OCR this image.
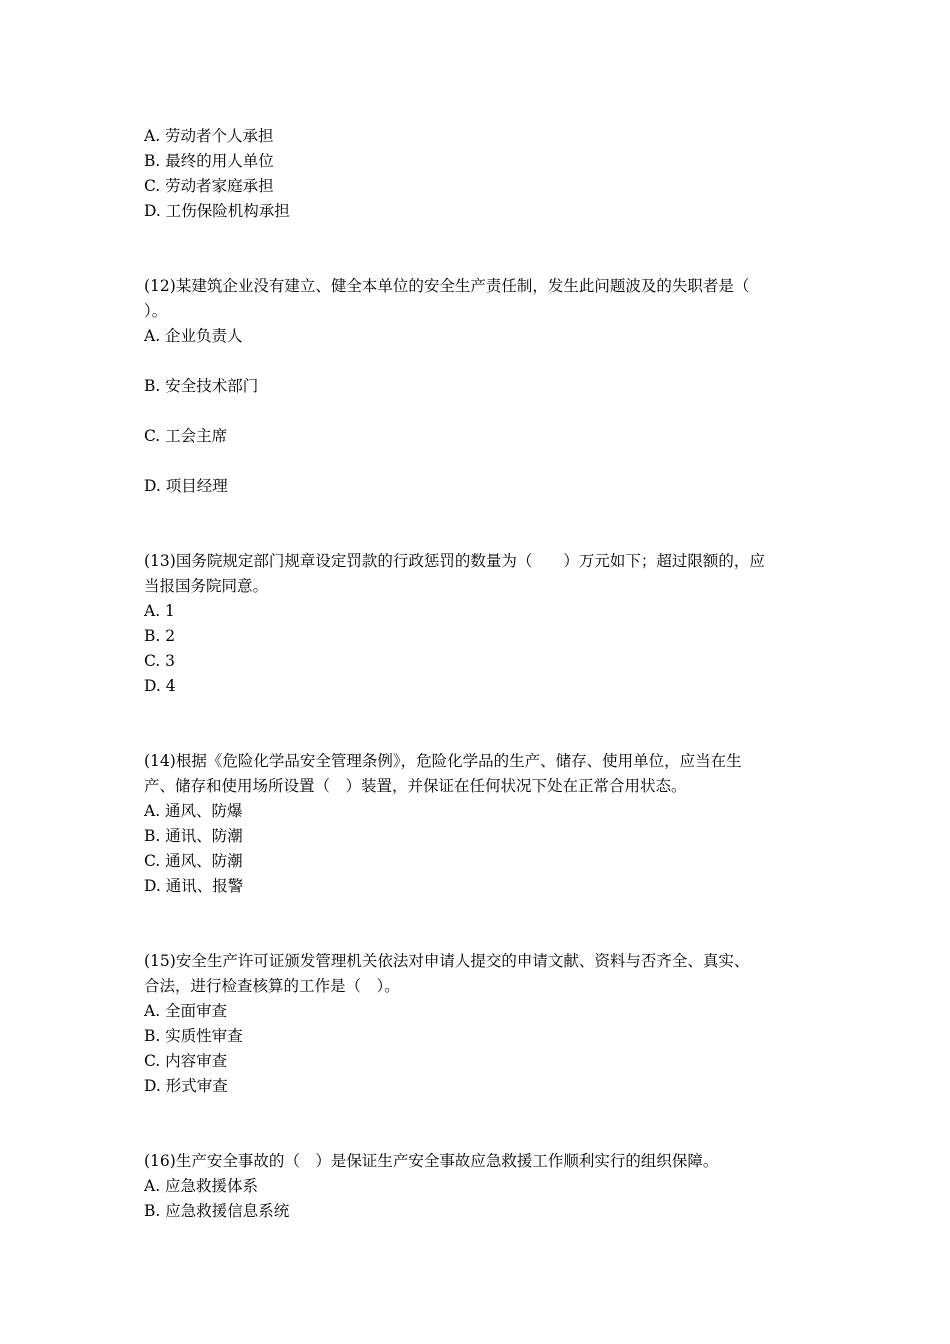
A. 劳动者个人承担
B. 最终的用人单位
C. 劳动者家庭承担
D. 工伤保险机构承担
(12)某建筑企业没有建立、健全本单位的安全生产责任制，发生此问题波及的失职者是（
）。
A. 企业负责人
B. 安全技术部门
C. 工会主席
D. 项目经理
(13)国务院规定部门规章设定罚款的行政惩罚的数量为（　　）万元如下；超过限额的，应
当报国务院同意。
A. 1
B. 2
C. 3
D. 4
(14)根据《危险化学品安全管理条例》，危险化学品的生产、储存、使用单位，应当在生
产、储存和使用场所设置（　）装置，并保证在任何状况下处在正常合用状态。
A. 通风、防爆
B. 通讯、防潮
C. 通风、防潮
D. 通讯、报警
(15)安全生产许可证颁发管理机关依法对申请人提交的申请文献、资料与否齐全、真实、
合法，进行检查核算的工作是（　）。
A. 全面审查
B. 实质性审查
C. 内容审查
D. 形式审查
(16)生产安全事故的（　）是保证生产安全事故应急救援工作顺利实行的组织保障。
A. 应急救援体系
B. 应急救援信息系统
